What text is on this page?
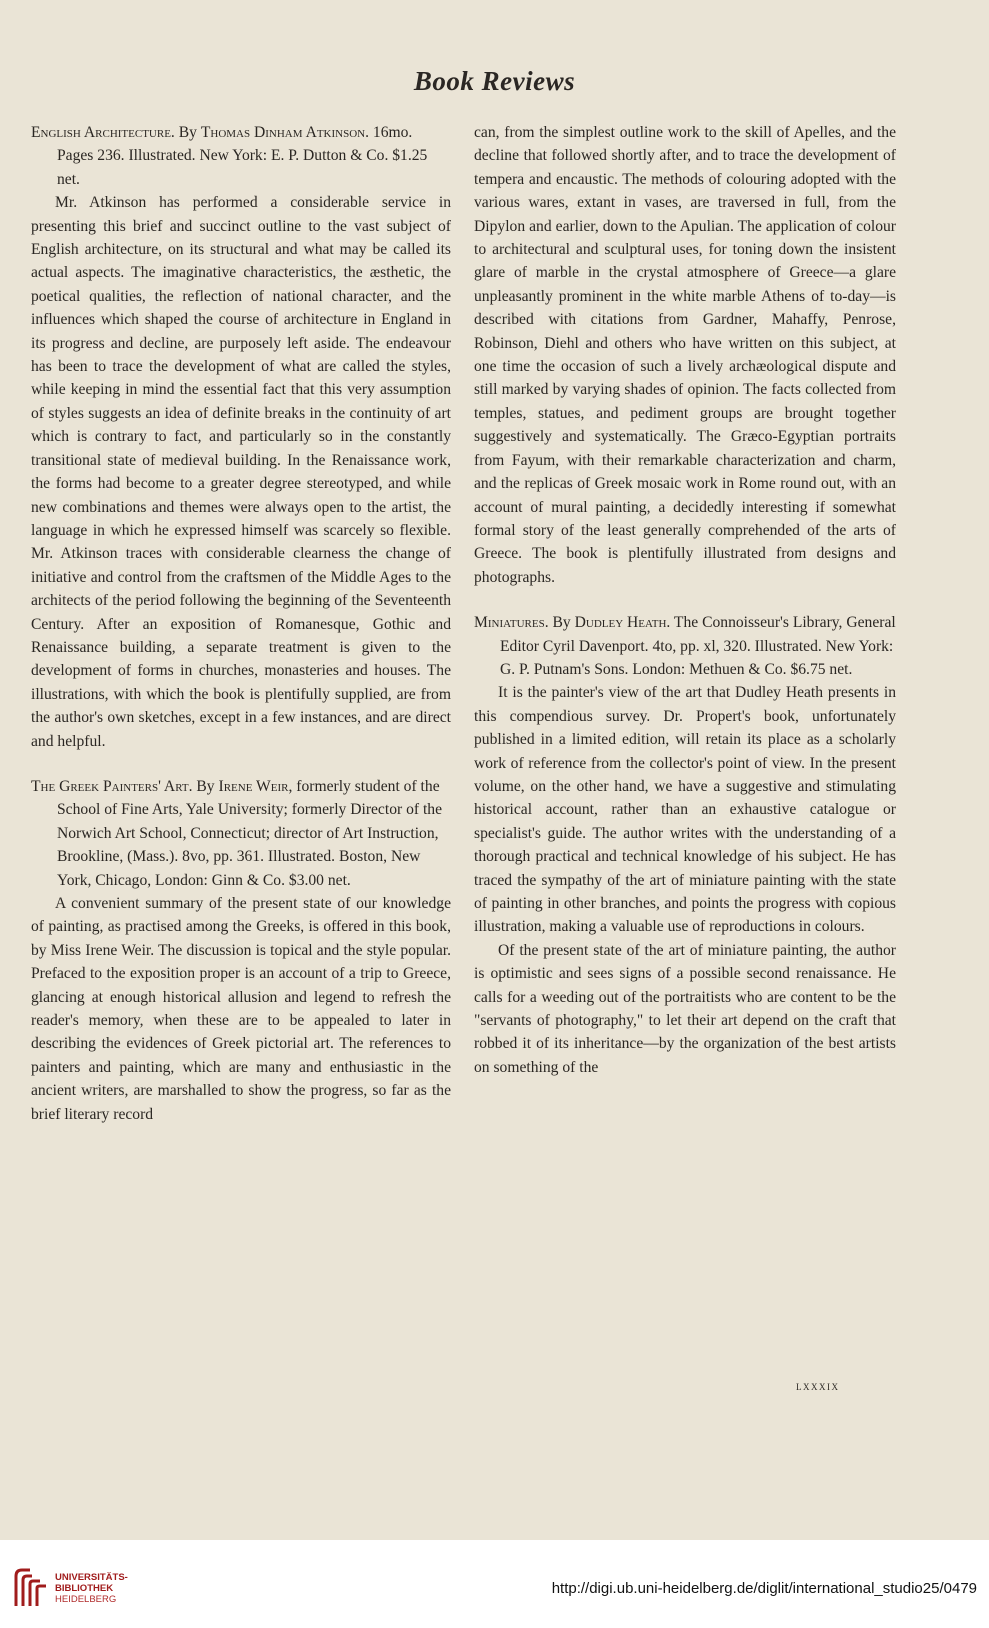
Book Reviews

English Architecture. By Thomas Dinham Atkinson. 16mo. Pages 236. Illustrated. New York: E. P. Dutton & Co. $1.25 net.

Mr. Atkinson has performed a considerable service in presenting this brief and succinct outline to the vast subject of English architecture, on its structural and what may be called its actual aspects. The imaginative characteristics, the æsthetic, the poetical qualities, the reflection of national character, and the influences which shaped the course of architecture in England in its progress and decline, are purposely left aside. The endeavour has been to trace the development of what are called the styles, while keeping in mind the essential fact that this very assumption of styles suggests an idea of definite breaks in the continuity of art which is contrary to fact, and particularly so in the constantly transitional state of medieval building. In the Renaissance work, the forms had become to a greater degree stereotyped, and while new combinations and themes were always open to the artist, the language in which he expressed himself was scarcely so flexible. Mr. Atkinson traces with considerable clearness the change of initiative and control from the craftsmen of the Middle Ages to the architects of the period following the beginning of the Seventeenth Century. After an exposition of Romanesque, Gothic and Renaissance building, a separate treatment is given to the development of forms in churches, monasteries and houses. The illustrations, with which the book is plentifully supplied, are from the author's own sketches, except in a few instances, and are direct and helpful.

The Greek Painters' Art. By Irene Weir, formerly student of the School of Fine Arts, Yale University; formerly Director of the Norwich Art School, Connecticut; director of Art Instruction, Brookline, (Mass.). 8vo, pp. 361. Illustrated. Boston, New York, Chicago, London: Ginn & Co. $3.00 net.

A convenient summary of the present state of our knowledge of painting, as practised among the Greeks, is offered in this book, by Miss Irene Weir. The discussion is topical and the style popular. Prefaced to the exposition proper is an account of a trip to Greece, glancing at enough historical allusion and legend to refresh the reader's memory, when these are to be appealed to later in describing the evidences of Greek pictorial art. The references to painters and painting, which are many and enthusiastic in the ancient writers, are marshalled to show the progress, so far as the brief literary record

can, from the simplest outline work to the skill of Apelles, and the decline that followed shortly after, and to trace the development of tempera and encaustic. The methods of colouring adopted with the various wares, extant in vases, are traversed in full, from the Dipylon and earlier, down to the Apulian. The application of colour to architectural and sculptural uses, for toning down the insistent glare of marble in the crystal atmosphere of Greece—a glare unpleasantly prominent in the white marble Athens of to-day—is described with citations from Gardner, Mahaffy, Penrose, Robinson, Diehl and others who have written on this subject, at one time the occasion of such a lively archæological dispute and still marked by varying shades of opinion. The facts collected from temples, statues, and pediment groups are brought together suggestively and systematically. The Græco-Egyptian portraits from Fayum, with their remarkable characterization and charm, and the replicas of Greek mosaic work in Rome round out, with an account of mural painting, a decidedly interesting if somewhat formal story of the least generally comprehended of the arts of Greece. The book is plentifully illustrated from designs and photographs.

Miniatures. By Dudley Heath. The Connoisseur's Library, General Editor Cyril Davenport. 4to, pp. xl, 320. Illustrated. New York: G. P. Putnam's Sons. London: Methuen & Co. $6.75 net.

It is the painter's view of the art that Dudley Heath presents in this compendious survey. Dr. Propert's book, unfortunately published in a limited edition, will retain its place as a scholarly work of reference from the collector's point of view. In the present volume, on the other hand, we have a suggestive and stimulating historical account, rather than an exhaustive catalogue or specialist's guide. The author writes with the understanding of a thorough practical and technical knowledge of his subject. He has traced the sympathy of the art of miniature painting with the state of painting in other branches, and points the progress with copious illustration, making a valuable use of reproductions in colours.

Of the present state of the art of miniature painting, the author is optimistic and sees signs of a possible second renaissance. He calls for a weeding out of the portraitists who are content to be the "servants of photography," to let their art depend on the craft that robbed it of its inheritance—by the organization of the best artists on something of the

lxxxix
UNIVERSITÄTS-
BIBLIOTHEK
HEIDELBERG
http://digi.ub.uni-heidelberg.de/diglit/international_studio25/0479
